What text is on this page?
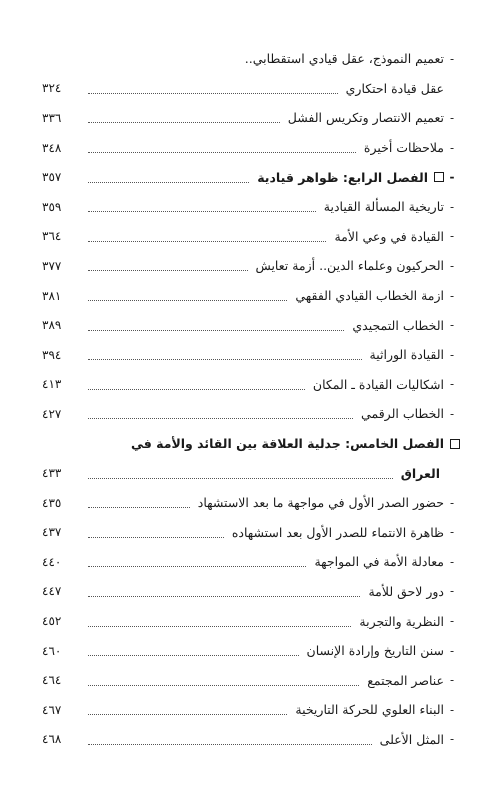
-
تعميم النموذج، عقل قيادي استقطابي..
عقل قيادة احتكاري
٣٢٤
-
تعميم الانتصار وتكريس الفشل
٣٣٦
-
ملاحظات أخيرة
٣٤٨
-
الفصل الرابع: ظواهر قيادية
٣٥٧
-
تاريخية المسألة القيادية
٣٥٩
-
القيادة في وعي الأمة
٣٦٤
-
الحركيون وعلماء الدين.. أزمة تعايش
٣٧٧
-
ازمة الخطاب القيادي الفقهي
٣٨١
-
الخطاب التمجيدي
٣٨٩
-
القيادة الوراثية
٣٩٤
-
اشكاليات القيادة ـ المكان
٤١٣
-
الخطاب الرقمي
٤٢٧
الفصل الخامس: جدلية العلاقة بين القائد والأمة في
العراق
٤٣٣
-
حضور الصدر الأول في مواجهة ما بعد الاستشهاد
٤٣٥
-
ظاهرة الانتماء للصدر الأول بعد استشهاده
٤٣٧
-
معادلة الأمة في المواجهة
٤٤٠
-
دور لاحق للأمة
٤٤٧
-
النظرية والتجربة
٤٥٢
-
سنن التاريخ وإرادة الإنسان
٤٦٠
-
عناصر المجتمع
٤٦٤
-
البناء العلوي للحركة التاريخية
٤٦٧
-
المثل الأعلى
٤٦٨
